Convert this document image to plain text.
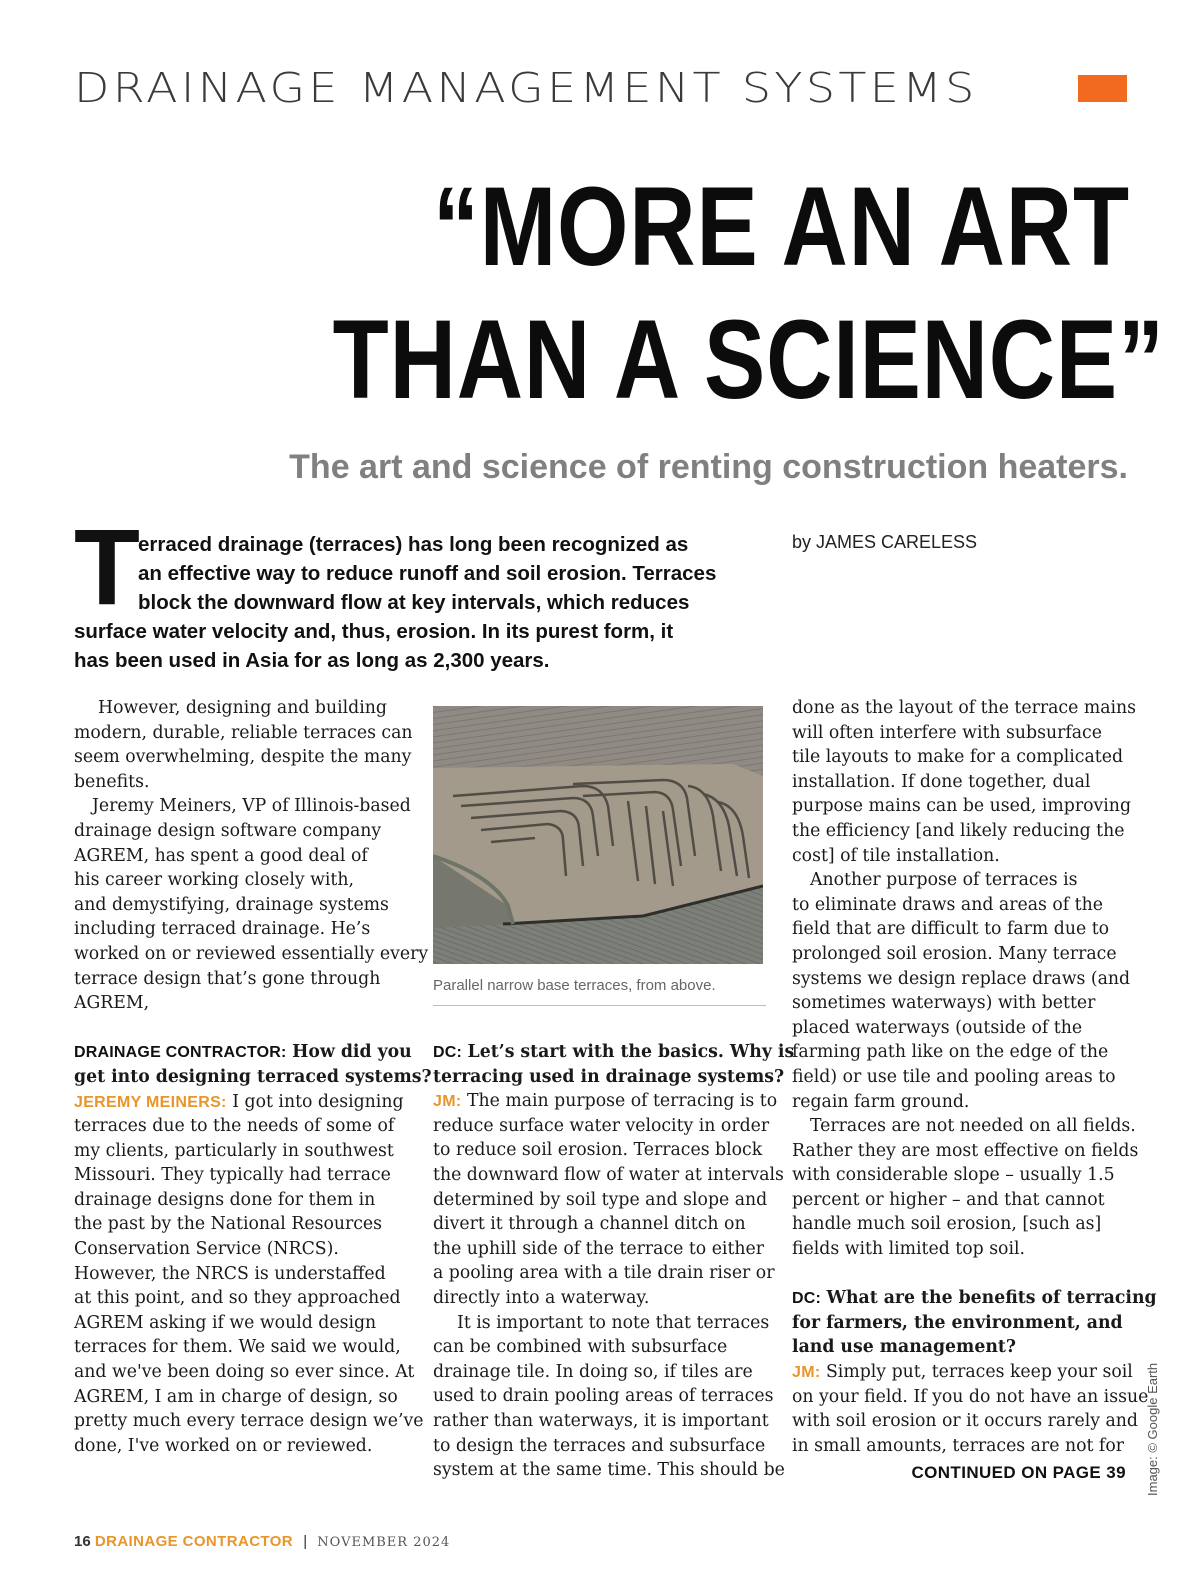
DRAINAGE MANAGEMENT SYSTEMS
“MORE AN ART
THAN A SCIENCE”
The art and science of renting construction heaters.
T
erraced drainage (terraces) has long been recognized as
an effective way to reduce runoff and soil erosion. Terraces
block the downward flow at key intervals, which reduces
surface water velocity and, thus, erosion. In its purest form, it
has been used in Asia for as long as 2,300 years.
by JAMES CARELESS
However, designing and building
modern, durable, reliable terraces can
seem overwhelming, despite the many
benefits.
Jeremy Meiners, VP of Illinois-based
drainage design software company
AGREM, has spent a good deal of
his career working closely with,
and demystifying, drainage systems
including terraced drainage. He’s
worked on or reviewed essentially every
terrace design that’s gone through
AGREM,
DRAINAGE CONTRACTOR: How did you
get into designing terraced systems?
JEREMY MEINERS: I got into designing
terraces due to the needs of some of
my clients, particularly in southwest
Missouri. They typically had terrace
drainage designs done for them in
the past by the National Resources
Conservation Service (NRCS).
However, the NRCS is understaffed
at this point, and so they approached
AGREM asking if we would design
terraces for them. We said we would,
and we've been doing so ever since. At
AGREM, I am in charge of design, so
pretty much every terrace design we’ve
done, I've worked on or reviewed.
Parallel narrow base terraces, from above.
DC: Let’s start with the basics. Why is
terracing used in drainage systems?
JM: The main purpose of terracing is to
reduce surface water velocity in order
to reduce soil erosion. Terraces block
the downward flow of water at intervals
determined by soil type and slope and
divert it through a channel ditch on
the uphill side of the terrace to either
a pooling area with a tile drain riser or
directly into a waterway.
It is important to note that terraces
can be combined with subsurface
drainage tile. In doing so, if tiles are
used to drain pooling areas of terraces
rather than waterways, it is important
to design the terraces and subsurface
system at the same time. This should be
done as the layout of the terrace mains
will often interfere with subsurface
tile layouts to make for a complicated
installation. If done together, dual
purpose mains can be used, improving
the efficiency [and likely reducing the
cost] of tile installation.
Another purpose of terraces is
to eliminate draws and areas of the
field that are difficult to farm due to
prolonged soil erosion. Many terrace
systems we design replace draws (and
sometimes waterways) with better
placed waterways (outside of the
farming path like on the edge of the
field) or use tile and pooling areas to
regain farm ground.
Terraces are not needed on all fields.
Rather they are most effective on fields
with considerable slope – usually 1.5
percent or higher – and that cannot
handle much soil erosion, [such as]
fields with limited top soil.
DC: What are the benefits of terracing
for farmers, the environment, and
land use management?
JM: Simply put, terraces keep your soil
on your field. If you do not have an issue
with soil erosion or it occurs rarely and
in small amounts, terraces are not for
CONTINUED ON PAGE 39 Image: © Google Earth
16 DRAINAGE CONTRACTOR | NOVEMBER 2024
